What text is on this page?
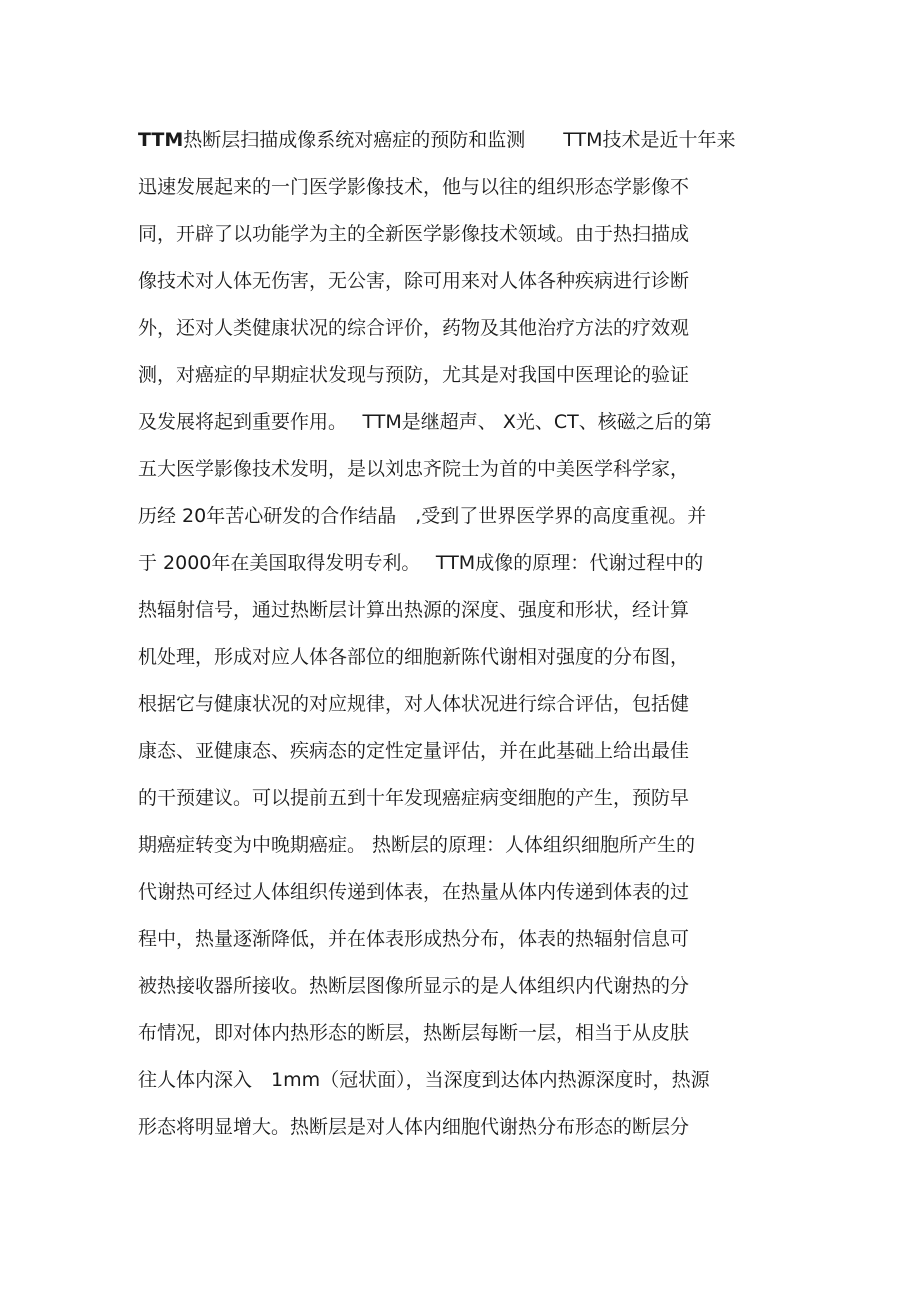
TTM热断层扫描成像系统对癌症的预防和监测　　TTM技术是近十年来
迅速发展起来的一门医学影像技术，他与以往的组织形态学影像不
同，开辟了以功能学为主的全新医学影像技术领域。由于热扫描成
像技术对人体无伤害，无公害，除可用来对人体各种疾病进行诊断
外，还对人类健康状况的综合评价，药物及其他治疗方法的疗效观
测，对癌症的早期症状发现与预防，尤其是对我国中医理论的验证
及发展将起到重要作用。　 TTM是继超声、 X光、CT、核磁之后的第
五大医学影像技术发明，是以刘忠齐院士为首的中美医学科学家，
历经 20年苦心研发的合作结晶　,受到了世界医学界的高度重视。并
于 2000年在美国取得发明专利。　 TTM成像的原理：代谢过程中的
热辐射信号，通过热断层计算出热源的深度、强度和形状，经计算
机处理，形成对应人体各部位的细胞新陈代谢相对强度的分布图，
根据它与健康状况的对应规律，对人体状况进行综合评估，包括健
康态、亚健康态、疾病态的定性定量评估，并在此基础上给出最佳
的干预建议。可以提前五到十年发现癌症病变细胞的产生，预防早
期癌症转变为中晚期癌症。 热断层的原理：人体组织细胞所产生的
代谢热可经过人体组织传递到体表，在热量从体内传递到体表的过
程中，热量逐渐降低，并在体表形成热分布，体表的热辐射信息可
被热接收器所接收。热断层图像所显示的是人体组织内代谢热的分
布情况，即对体内热形态的断层，热断层每断一层，相当于从皮肤
往人体内深入　1mm（冠状面），当深度到达体内热源深度时，热源
形态将明显增大。热断层是对人体内细胞代谢热分布形态的断层分
